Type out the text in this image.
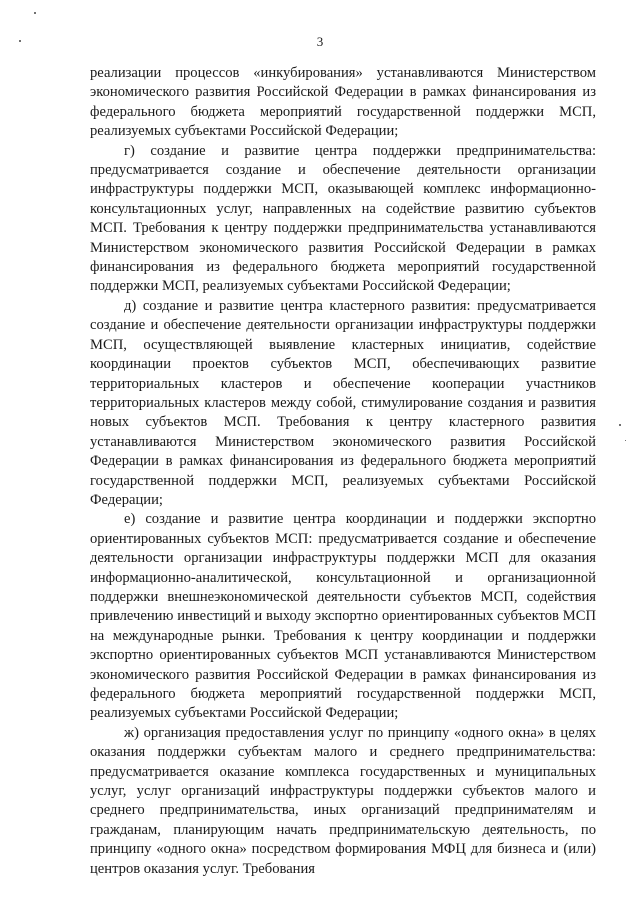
3

реализации процессов «инкубирования» устанавливаются Министерством экономического развития Российской Федерации в рамках финансирования из федерального бюджета мероприятий государственной поддержки МСП, реализуемых субъектами Российской Федерации;

г) создание и развитие центра поддержки предпринимательства: предусматривается создание и обеспечение деятельности организации инфраструктуры поддержки МСП, оказывающей комплекс информационно-консультационных услуг, направленных на содействие развитию субъектов МСП. Требования к центру поддержки предпринимательства устанавливаются Министерством экономического развития Российской Федерации в рамках финансирования из федерального бюджета мероприятий государственной поддержки МСП, реализуемых субъектами Российской Федерации;

д) создание и развитие центра кластерного развития: предусматривается создание и обеспечение деятельности организации инфраструктуры поддержки МСП, осуществляющей выявление кластерных инициатив, содействие координации проектов субъектов МСП, обеспечивающих развитие территориальных кластеров и обеспечение кооперации участников территориальных кластеров между собой, стимулирование создания и развития новых субъектов МСП. Требования к центру кластерного развития устанавливаются Министерством экономического развития Российской Федерации в рамках финансирования из федерального бюджета мероприятий государственной поддержки МСП, реализуемых субъектами Российской Федерации;

е) создание и развитие центра координации и поддержки экспортно ориентированных субъектов МСП: предусматривается создание и обеспечение деятельности организации инфраструктуры поддержки МСП для оказания информационно-аналитической, консультационной и организационной поддержки внешнеэкономической деятельности субъектов МСП, содействия привлечению инвестиций и выходу экспортно ориентированных субъектов МСП на международные рынки. Требования к центру координации и поддержки экспортно ориентированных субъектов МСП устанавливаются Министерством экономического развития Российской Федерации в рамках финансирования из федерального бюджета мероприятий государственной поддержки МСП, реализуемых субъектами Российской Федерации;

ж) организация предоставления услуг по принципу «одного окна» в целях оказания поддержки субъектам малого и среднего предпринимательства: предусматривается оказание комплекса государственных и муниципальных услуг, услуг организаций инфраструктуры поддержки субъектов малого и среднего предпринимательства, иных организаций предпринимателям и гражданам, планирующим начать предпринимательскую деятельность, по принципу «одного окна» посредством формирования МФЦ для бизнеса и (или) центров оказания услуг. Требования
